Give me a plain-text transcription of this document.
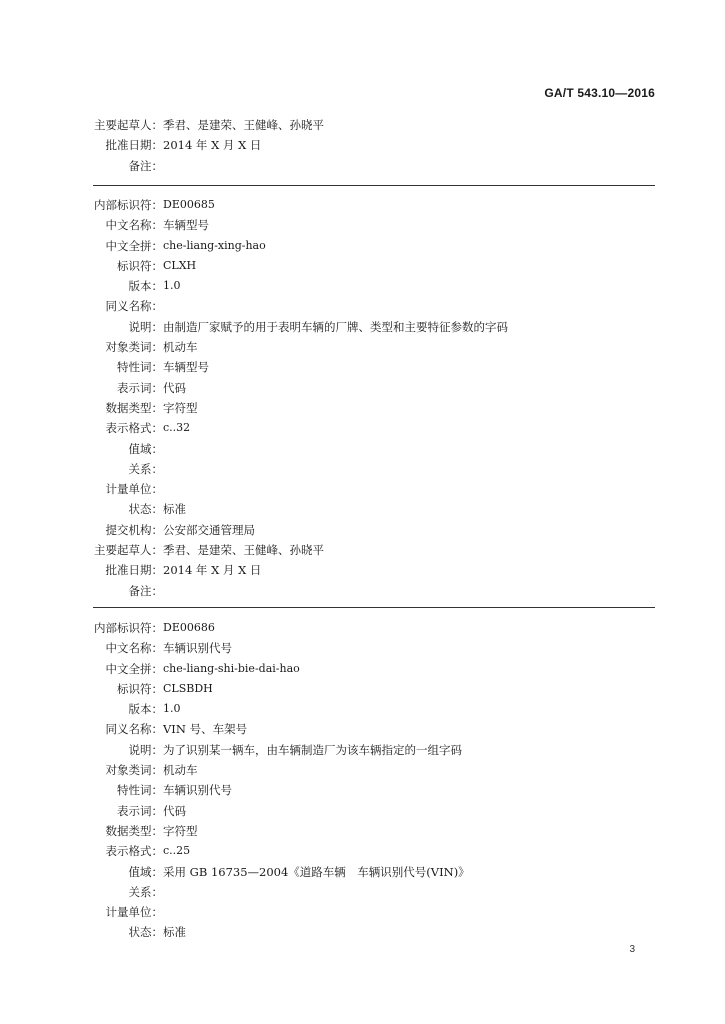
GA/T 543.10—2016
主要起草人： 季君、是建荣、王健峰、孙晓平
批准日期： 2014 年 X 月 X 日
备注：
内部标识符： DE00685
中文名称： 车辆型号
中文全拼： che-liang-xing-hao
标识符： CLXH
版本： 1.0
同义名称：
说明： 由制造厂家赋予的用于表明车辆的厂牌、类型和主要特征参数的字码
对象类词： 机动车
特性词： 车辆型号
表示词： 代码
数据类型： 字符型
表示格式： c..32
值域：
关系：
计量单位：
状态： 标准
提交机构： 公安部交通管理局
主要起草人： 季君、是建荣、王健峰、孙晓平
批准日期： 2014 年 X 月 X 日
备注：
内部标识符： DE00686
中文名称： 车辆识别代号
中文全拼： che-liang-shi-bie-dai-hao
标识符： CLSBDH
版本： 1.0
同义名称： VIN 号、车架号
说明： 为了识别某一辆车，由车辆制造厂为该车辆指定的一组字码
对象类词： 机动车
特性词： 车辆识别代号
表示词： 代码
数据类型： 字符型
表示格式： c..25
值域： 采用 GB 16735—2004《道路车辆　车辆识别代号(VIN)》
关系：
计量单位：
状态： 标准
3
